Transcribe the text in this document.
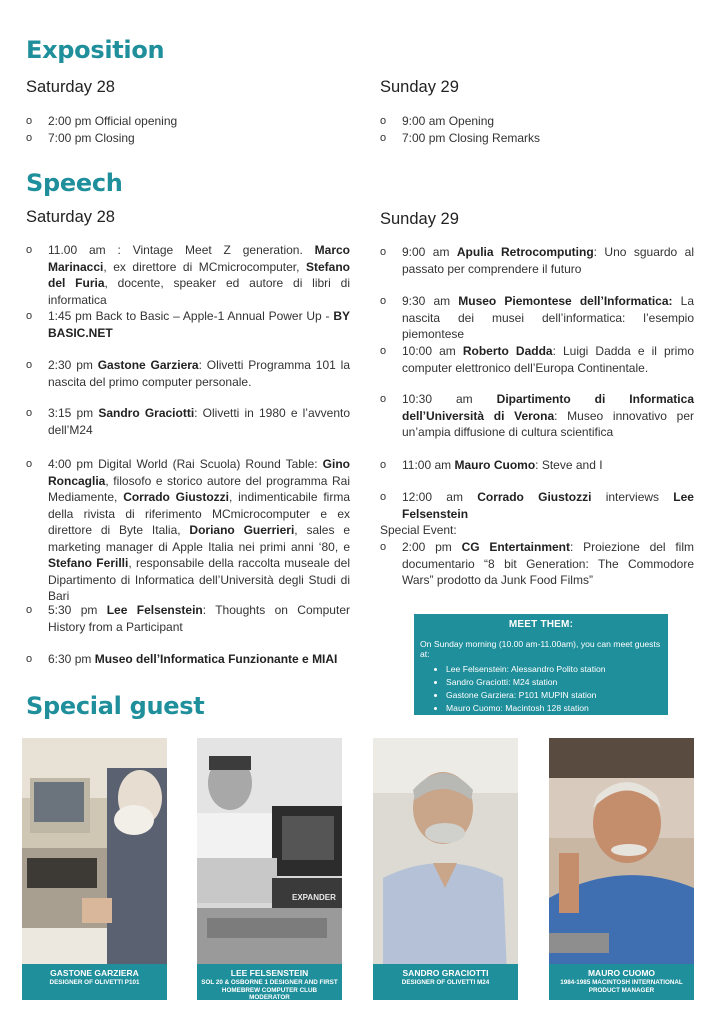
Exposition
Saturday 28	Sunday 29
o 2:00 pm Official opening
o 7:00 pm Closing
o 9:00 am Opening
o 7:00 pm Closing Remarks
Speech
Saturday 28	Sunday 29
o 11.00 am : Vintage Meet Z generation. Marco Marinacci, ex direttore di MCmicrocomputer, Stefano del Furia, docente, speaker ed autore di libri di informatica
o 1:45 pm Back to Basic – Apple-1 Annual Power Up - BY BASIC.NET
o 2:30 pm Gastone Garziera: Olivetti Programma 101 la nascita del primo computer personale.
o 3:15 pm Sandro Graciotti: Olivetti in 1980 e l’avvento dell’M24
o 4:00 pm Digital World (Rai Scuola) Round Table: Gino Roncaglia, filosofo e storico autore del programma Rai Mediamente, Corrado Giustozzi, indimenticabile firma della rivista di riferimento MCmicrocomputer e ex direttore di Byte Italia, Doriano Guerrieri, sales e marketing manager di Apple Italia nei primi anni ‘80, e Stefano Ferilli, responsabile della raccolta museale del Dipartimento di Informatica dell’Università degli Studi di Bari
o 5:30 pm Lee Felsenstein: Thoughts on Computer History from a Participant
o 6:30 pm Museo dell’Informatica Funzionante e MIAI
o 9:00 am Apulia Retrocomputing: Uno sguardo al passato per comprendere il futuro
o 9:30 am Museo Piemontese dell’Informatica: La nascita dei musei dell’informatica: l’esempio piemontese
o 10:00 am Roberto Dadda: Luigi Dadda e il primo computer elettronico dell’Europa Continentale.
o 10:30 am Dipartimento di Informatica dell’Università di Verona: Museo innovativo per un’ampia diffusione di cultura scientifica
o 11:00 am Mauro Cuomo: Steve and I
o 12:00 am Corrado Giustozzi interviews Lee Felsenstein
Special Event:
o 2:00 pm CG Entertainment: Proiezione del film documentario “8 bit Generation: The Commodore Wars” prodotto da Junk Food Films”
MEET THEM:
On Sunday morning (10.00 am-11.00am), you can meet guests at:
• Lee Felsenstein: Alessandro Polito station
• Sandro Graciotti: M24 station
• Gastone Garziera: P101 MUPIN station
• Mauro Cuomo: Macintosh 128 station
Special guest
GASTONE GARZIERA
DESIGNER OF OLIVETTI P101
EXPANDER
LEE FELSENSTEIN
SOL 20 & OSBORNE 1 DESIGNER AND FIRST HOMEBREW COMPUTER CLUB MODERATOR
SANDRO GRACIOTTI
DESIGNER OF OLIVETTI M24
MAURO CUOMO
1984-1985 MACINTOSH INTERNATIONAL PRODUCT MANAGER
